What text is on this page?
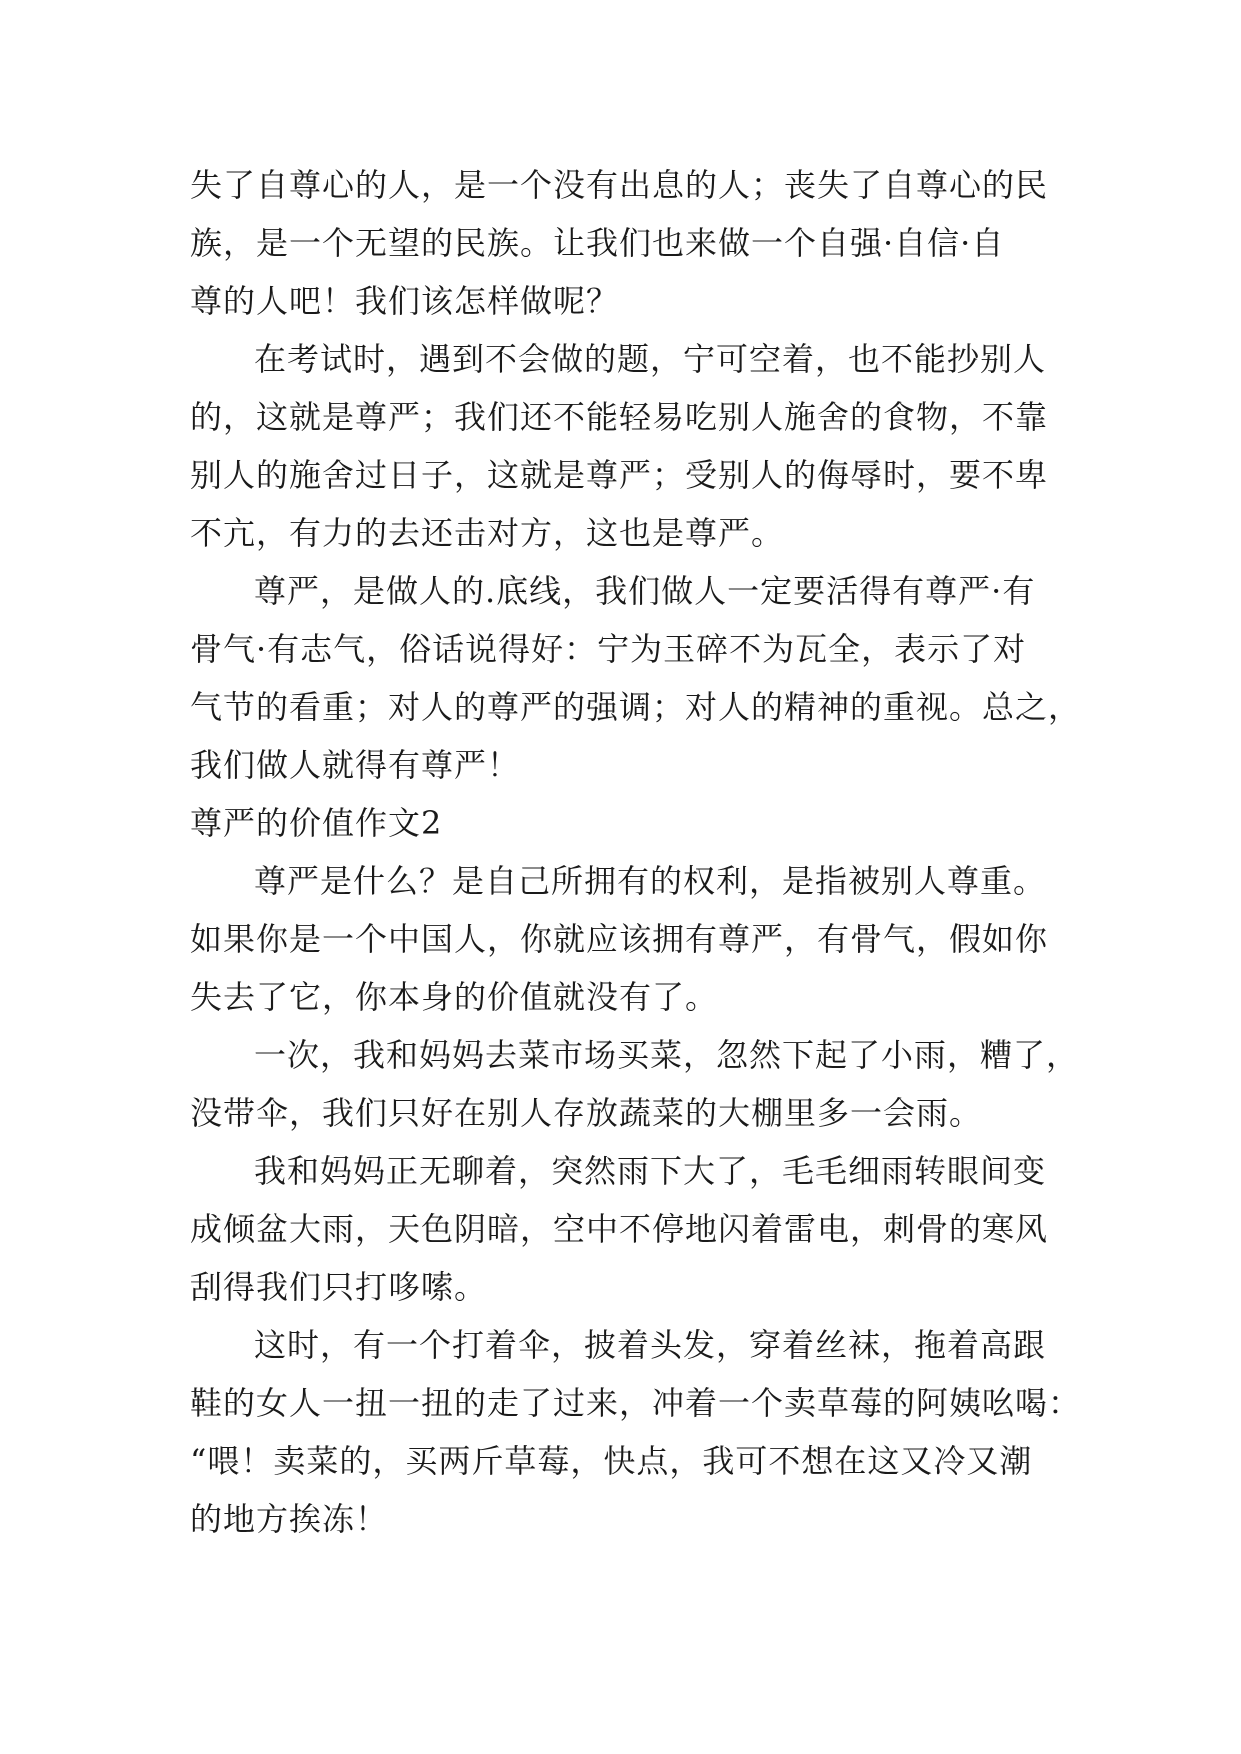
失了自尊心的人，是一个没有出息的人；丧失了自尊心的民
族，是一个无望的民族。让我们也来做一个自强·自信·自
尊的人吧！我们该怎样做呢？
在考试时，遇到不会做的题，宁可空着，也不能抄别人
的，这就是尊严；我们还不能轻易吃别人施舍的食物，不靠
别人的施舍过日子，这就是尊严；受别人的侮辱时，要不卑
不亢，有力的去还击对方，这也是尊严。
尊严，是做人的.底线，我们做人一定要活得有尊严·有
骨气·有志气，俗话说得好：宁为玉碎不为瓦全，表示了对
气节的看重；对人的尊严的强调；对人的精神的重视。总之，
我们做人就得有尊严！
尊严的价值作文2
尊严是什么？是自己所拥有的权利，是指被别人尊重。
如果你是一个中国人，你就应该拥有尊严，有骨气，假如你
失去了它，你本身的价值就没有了。
一次，我和妈妈去菜市场买菜，忽然下起了小雨，糟了，
没带伞，我们只好在别人存放蔬菜的大棚里多一会雨。
我和妈妈正无聊着，突然雨下大了，毛毛细雨转眼间变
成倾盆大雨，天色阴暗，空中不停地闪着雷电，刺骨的寒风
刮得我们只打哆嗦。
这时，有一个打着伞，披着头发，穿着丝袜，拖着高跟
鞋的女人一扭一扭的走了过来，冲着一个卖草莓的阿姨吆喝：
“喂！卖菜的，买两斤草莓，快点，我可不想在这又冷又潮
的地方挨冻！
